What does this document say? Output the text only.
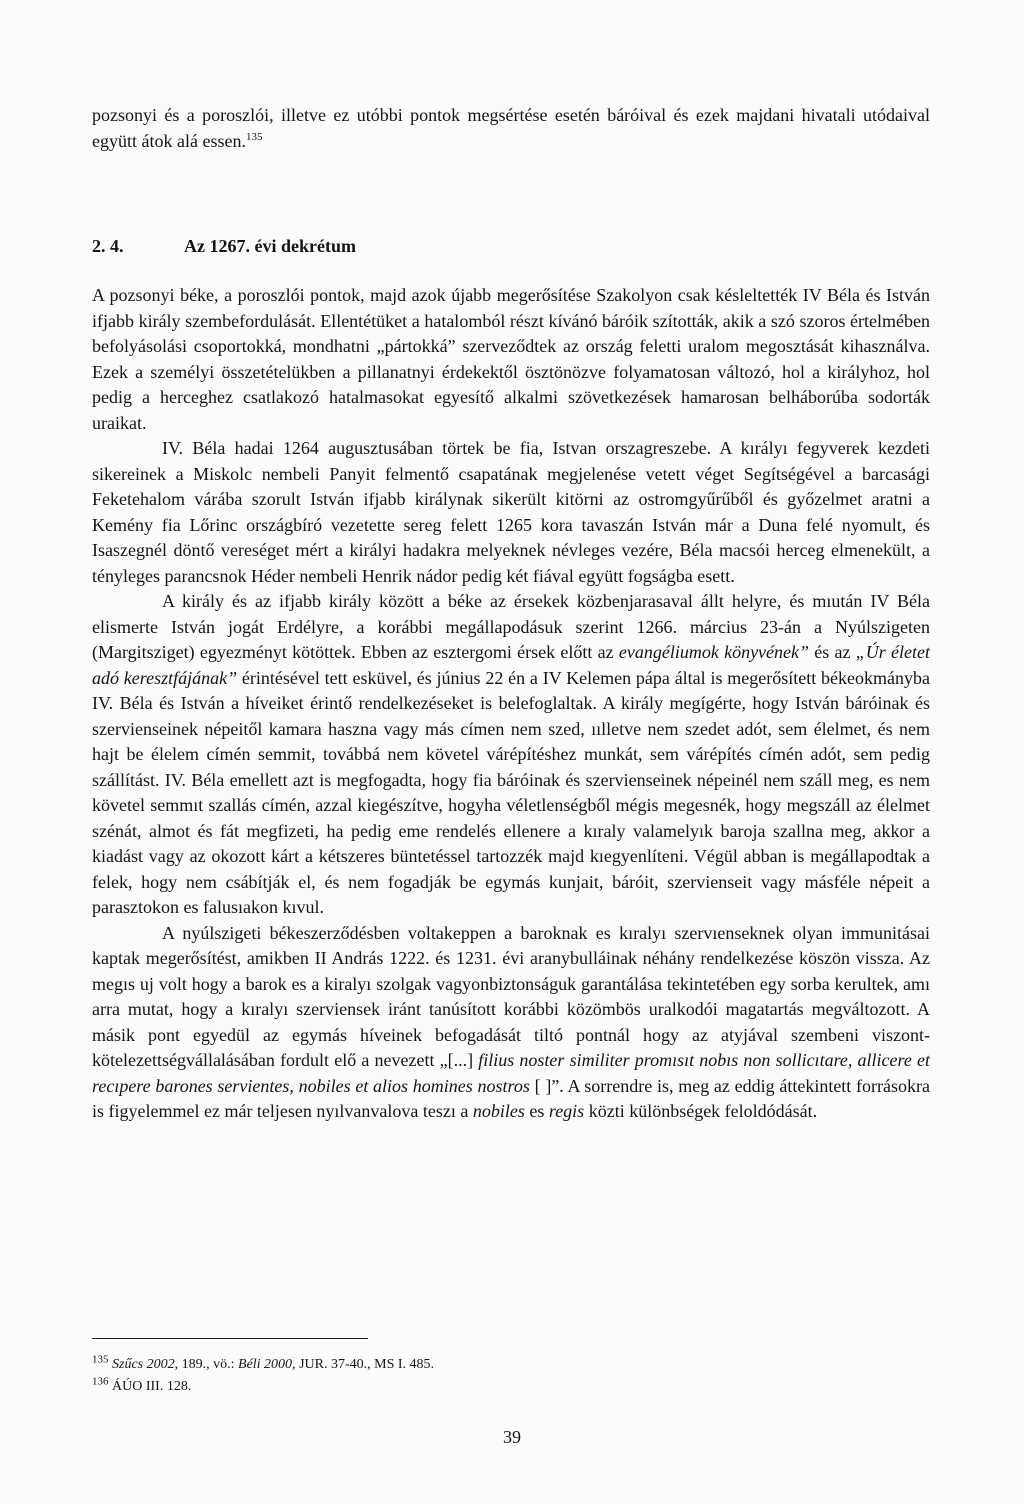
pozsonyi és a poroszlói, illetve ez utóbbi pontok megsértése esetén báróival és ezek majdani hivatali utódaival együtt átok alá essen.$^{135}$

2. 4.	Az 1267. évi dekrétum

A pozsonyi béke, a poroszlói pontok, majd azok újabb megerősítése Szakolyon csak késleltették IV Béla és István ifjabb király szembefordulását. Ellentétüket a hatalomból részt kívánó báróik szították, akik a szó szoros értelmében befolyásolási csoportokká, mondhatni „pártokká” szerveződtek az ország feletti uralom megosztását kihasználva. Ezek a személyi összetételükben a pillanatnyi érdekektől ösztönözve folyamatosan változó, hol a királyhoz, hol pedig a herceghez csatlakozó hatalmasokat egyesítő alkalmi szövetkezések hamarosan belháborúba sodorták uraikat.

IV. Béla hadai 1264 augusztusában törtek be fia, Istvan orszagreszebe. A kırályı fegyverek kezdeti sikereinek a Miskolc nembeli Panyit felmentő csapatának megjelenése vetett véget Segítségével a barcasági Feketehalom várába szorult István ifjabb királynak sikerült kitörni az ostromgyűrűből és győzelmet aratni a Kemény fia Lőrinc országbíró vezetette sereg felett 1265 kora tavaszán István már a Duna felé nyomult, és Isaszegnél döntő vereséget mért a királyi hadakra melyeknek névleges vezére, Béla macsói herceg elmenekült, a tényleges parancsnok Héder nembeli Henrik nádor pedig két fiával együtt fogságba esett.

A király és az ifjabb király között a béke az érsekek közbenjarasaval állt helyre, és mıután IV Béla elismerte István jogát Erdélyre, a korábbi megállapodásuk szerint 1266. március 23-án a Nyúlszigeten (Margitsziget) egyezményt kötöttek. Ebben az esztergomi érsek előtt az evangéliumok könyvének” és az „Úr életet adó keresztfájának” érintésével tett esküvel, és június 22 én a IV Kelemen pápa által is megerősített békeokmányba IV. Béla és István a híveiket érintő rendelkezéseket is belefoglaltak. A király megígérte, hogy István báróinak és szervienseinek népeitől kamara haszna vagy más címen nem szed, ıılletve nem szedet adót, sem élelmet, és nem hajt be élelem címén semmit, továbbá nem követel várépítéshez munkát, sem várépítés címén adót, sem pedig szállítást. IV. Béla emellett azt is megfogadta, hogy fia báróinak és szervienseinek népeinél nem száll meg, es nem követel semmıt szallás címén, azzal kiegészítve, hogyha véletlenségből mégis megesnék, hogy megszáll az élelmet szénát, almot és fát megfizeti, ha pedig eme rendelés ellenere a kıraly valamelyık baroja szallna meg, akkor a kiadást vagy az okozott kárt a kétszeres büntetéssel tartozzék majd kıegyenlíteni. Végül abban is megállapodtak a felek, hogy nem csábítják el, és nem fogadják be egymás kunjait, báróit, szervienseit vagy másféle népeit a parasztokon es falusıakon kıvul.

A nyúlszigeti békeszerződésben voltakeppen a baroknak es kıralyı szervıenseknek olyan immunitásai kaptak megerősítést, amikben II András 1222. és 1231. évi aranybulláinak néhány rendelkezése köszön vissza. Az megıs uj volt hogy a barok es a kiralyı szolgak vagyonbiztonságuk garantálása tekintetében egy sorba kerultek, amı arra mutat, hogy a kıralyı szerviensek iránt tanúsított korábbi közömbös uralkodói magatartás megváltozott. A másik pont egyedül az egymás híveinek befogadását tiltó pontnál hogy az atyjával szembeni viszont-kötelezettségvállalásában fordult elő a nevezett „[...] filius noster similiter promısıt nobıs non sollicıtare, allicere et recıpere barones servientes, nobiles et alios homines nostros [ ]”. A sorrendre is, meg az eddig áttekintett forrásokra is figyelemmel ez már teljesen nyılvanvalova teszı a nobiles es regis közti különbségek feloldódását.

$^{135}$ Szűcs 2002, 189., vö.: Béli 2000, JUR. 37-40., MS I. 485.
$^{136}$ ÁÚO III. 128.
39
